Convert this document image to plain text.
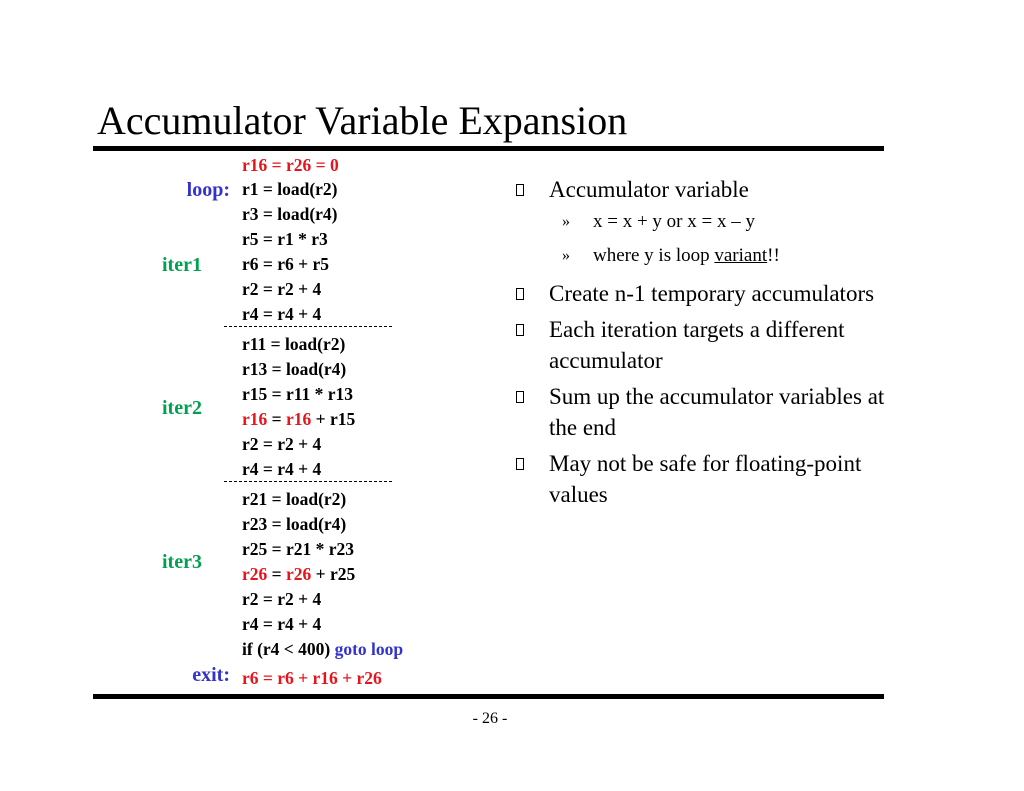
Accumulator Variable Expansion
loop:
iter1
iter2
iter3
exit:
r16 = r26 = 0
r1 = load(r2)
r3 = load(r4)
r5 = r1 * r3
r6 = r6 + r5
r2 = r2 + 4
r4 = r4 + 4
r11 = load(r2)
r13 = load(r4)
r15 = r11 * r13
r16 = r16 + r15
r2 = r2 + 4
r4 = r4 + 4
r21 = load(r2)
r23 = load(r4)
r25 = r21 * r23
r26 = r26 + r25
r2 = r2 + 4
r4 = r4 + 4
if (r4 < 400) goto loop
r6 = r6 + r16 + r26
Accumulator variable
» x = x + y or x = x – y
» where y is loop variant!!
Create n-1 temporary accumulators
Each iteration targets a different accumulator
Sum up the accumulator variables at the end
May not be safe for floating-point values
- 26 -
